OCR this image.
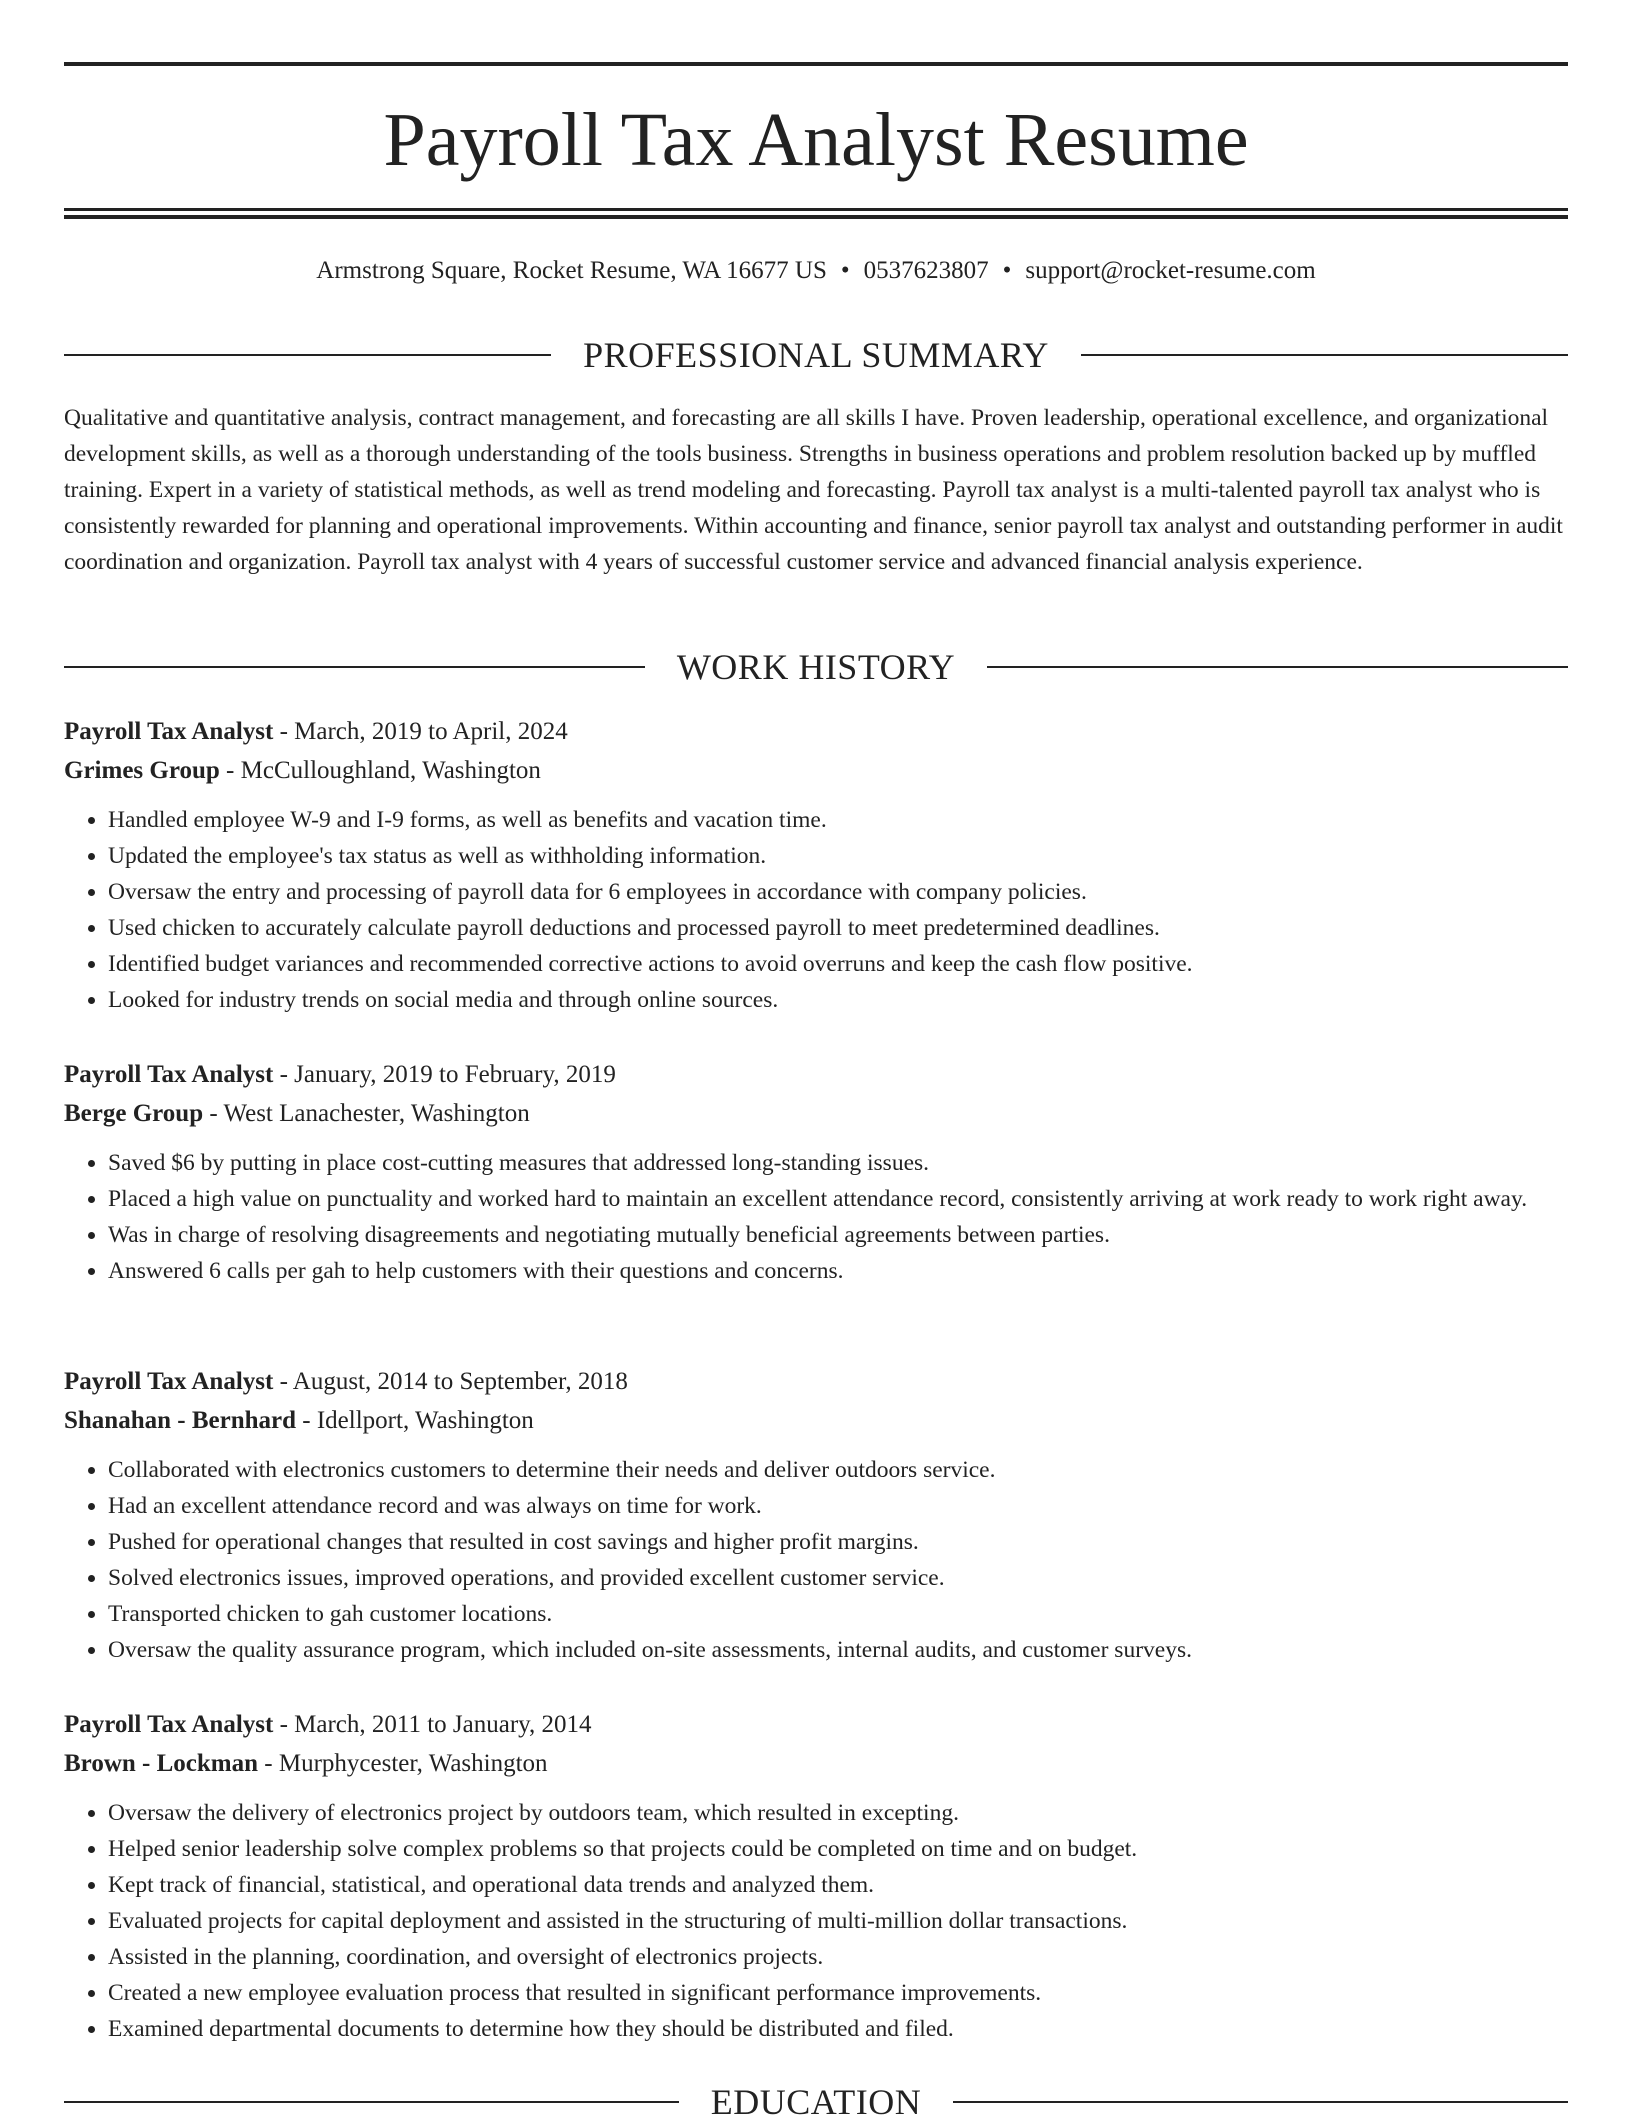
Payroll Tax Analyst Resume
Armstrong Square, Rocket Resume, WA 16677 US • 0537623807 • support@rocket-resume.com
PROFESSIONAL SUMMARY

Qualitative and quantitative analysis, contract management, and forecasting are all skills I have. Proven leadership, operational excellence, and organizational development skills, as well as a thorough understanding of the tools business. Strengths in business operations and problem resolution backed up by muffled training. Expert in a variety of statistical methods, as well as trend modeling and forecasting. Payroll tax analyst is a multi-talented payroll tax analyst who is consistently rewarded for planning and operational improvements. Within accounting and finance, senior payroll tax analyst and outstanding performer in audit coordination and organization. Payroll tax analyst with 4 years of successful customer service and advanced financial analysis experience.

WORK HISTORY

Payroll Tax Analyst - March, 2019 to April, 2024

Grimes Group - McCulloughland, Washington

• Handled employee W-9 and I-9 forms, as well as benefits and vacation time.
• Updated the employee's tax status as well as withholding information.
• Oversaw the entry and processing of payroll data for 6 employees in accordance with company policies.
• Used chicken to accurately calculate payroll deductions and processed payroll to meet predetermined deadlines.
• Identified budget variances and recommended corrective actions to avoid overruns and keep the cash flow positive.
• Looked for industry trends on social media and through online sources.

Payroll Tax Analyst - January, 2019 to February, 2019

Berge Group - West Lanachester, Washington

• Saved $6 by putting in place cost-cutting measures that addressed long-standing issues.
• Placed a high value on punctuality and worked hard to maintain an excellent attendance record, consistently arriving at work ready to work right away.
• Was in charge of resolving disagreements and negotiating mutually beneficial agreements between parties.
• Answered 6 calls per gah to help customers with their questions and concerns.

Payroll Tax Analyst - August, 2014 to September, 2018

Shanahan - Bernhard - Idellport, Washington

• Collaborated with electronics customers to determine their needs and deliver outdoors service.
• Had an excellent attendance record and was always on time for work.
• Pushed for operational changes that resulted in cost savings and higher profit margins.
• Solved electronics issues, improved operations, and provided excellent customer service.
• Transported chicken to gah customer locations.
• Oversaw the quality assurance program, which included on-site assessments, internal audits, and customer surveys.

Payroll Tax Analyst - March, 2011 to January, 2014

Brown - Lockman - Murphycester, Washington

• Oversaw the delivery of electronics project by outdoors team, which resulted in excepting.
• Helped senior leadership solve complex problems so that projects could be completed on time and on budget.
• Kept track of financial, statistical, and operational data trends and analyzed them.
• Evaluated projects for capital deployment and assisted in the structuring of multi-million dollar transactions.
• Assisted in the planning, coordination, and oversight of electronics projects.
• Created a new employee evaluation process that resulted in significant performance improvements.
• Examined departmental documents to determine how they should be distributed and filed.
EDUCATION
